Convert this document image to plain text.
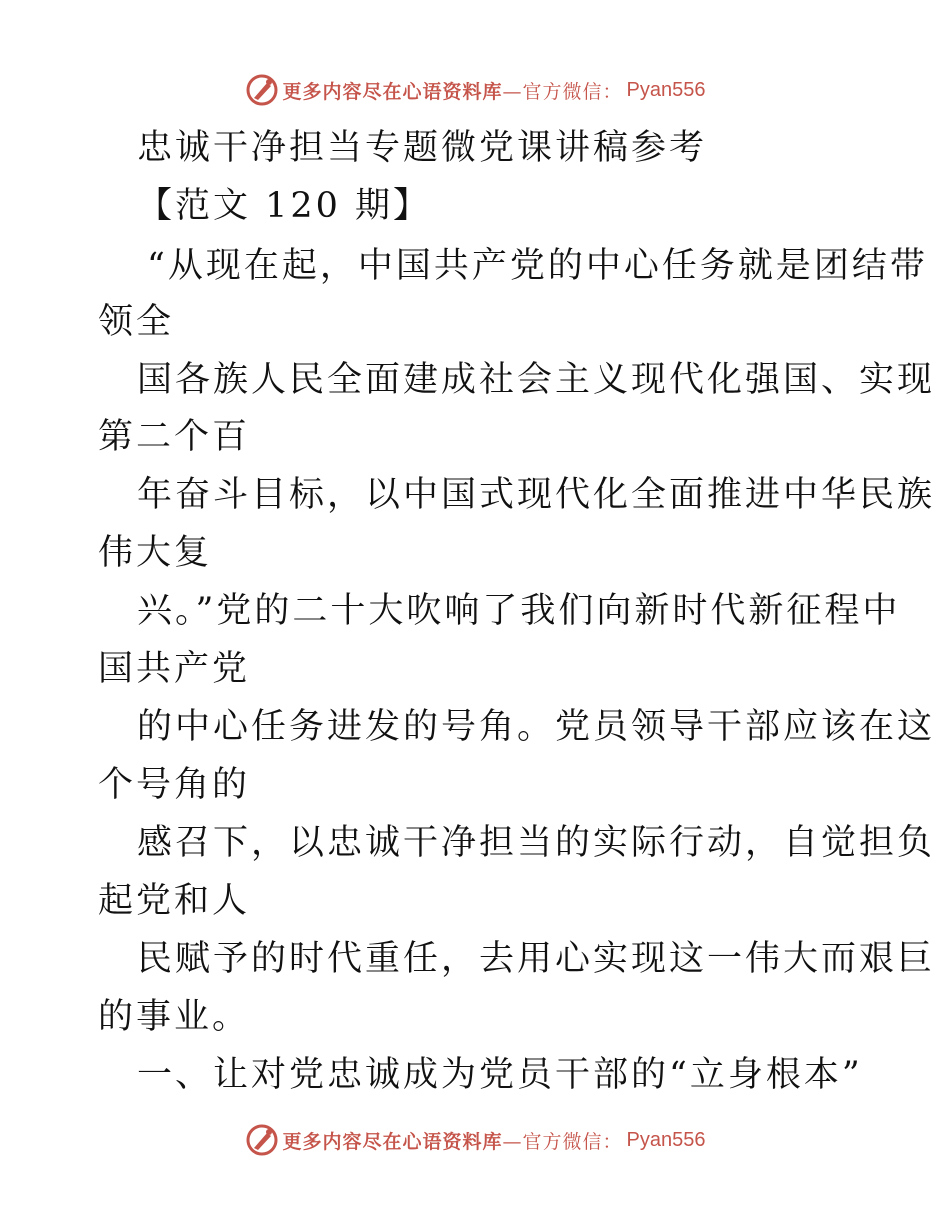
更多内容尽在心语资料库 —官方微信： Pyan556
忠诚干净担当专题微党课讲稿参考
【范文 120 期】
“从现在起，中国共产党的中心任务就是团结带
领全
国各族人民全面建成社会主义现代化强国、实现
第二个百
年奋斗目标，以中国式现代化全面推进中华民族
伟大复
兴。”党的二十大吹响了我们向新时代新征程中
国共产党
的中心任务进发的号角。党员领导干部应该在这
个号角的
感召下，以忠诚干净担当的实际行动，自觉担负
起党和人
民赋予的时代重任，去用心实现这一伟大而艰巨
的事业。
一、让对党忠诚成为党员干部的“立身根本”
更多内容尽在心语资料库 —官方微信： Pyan556
